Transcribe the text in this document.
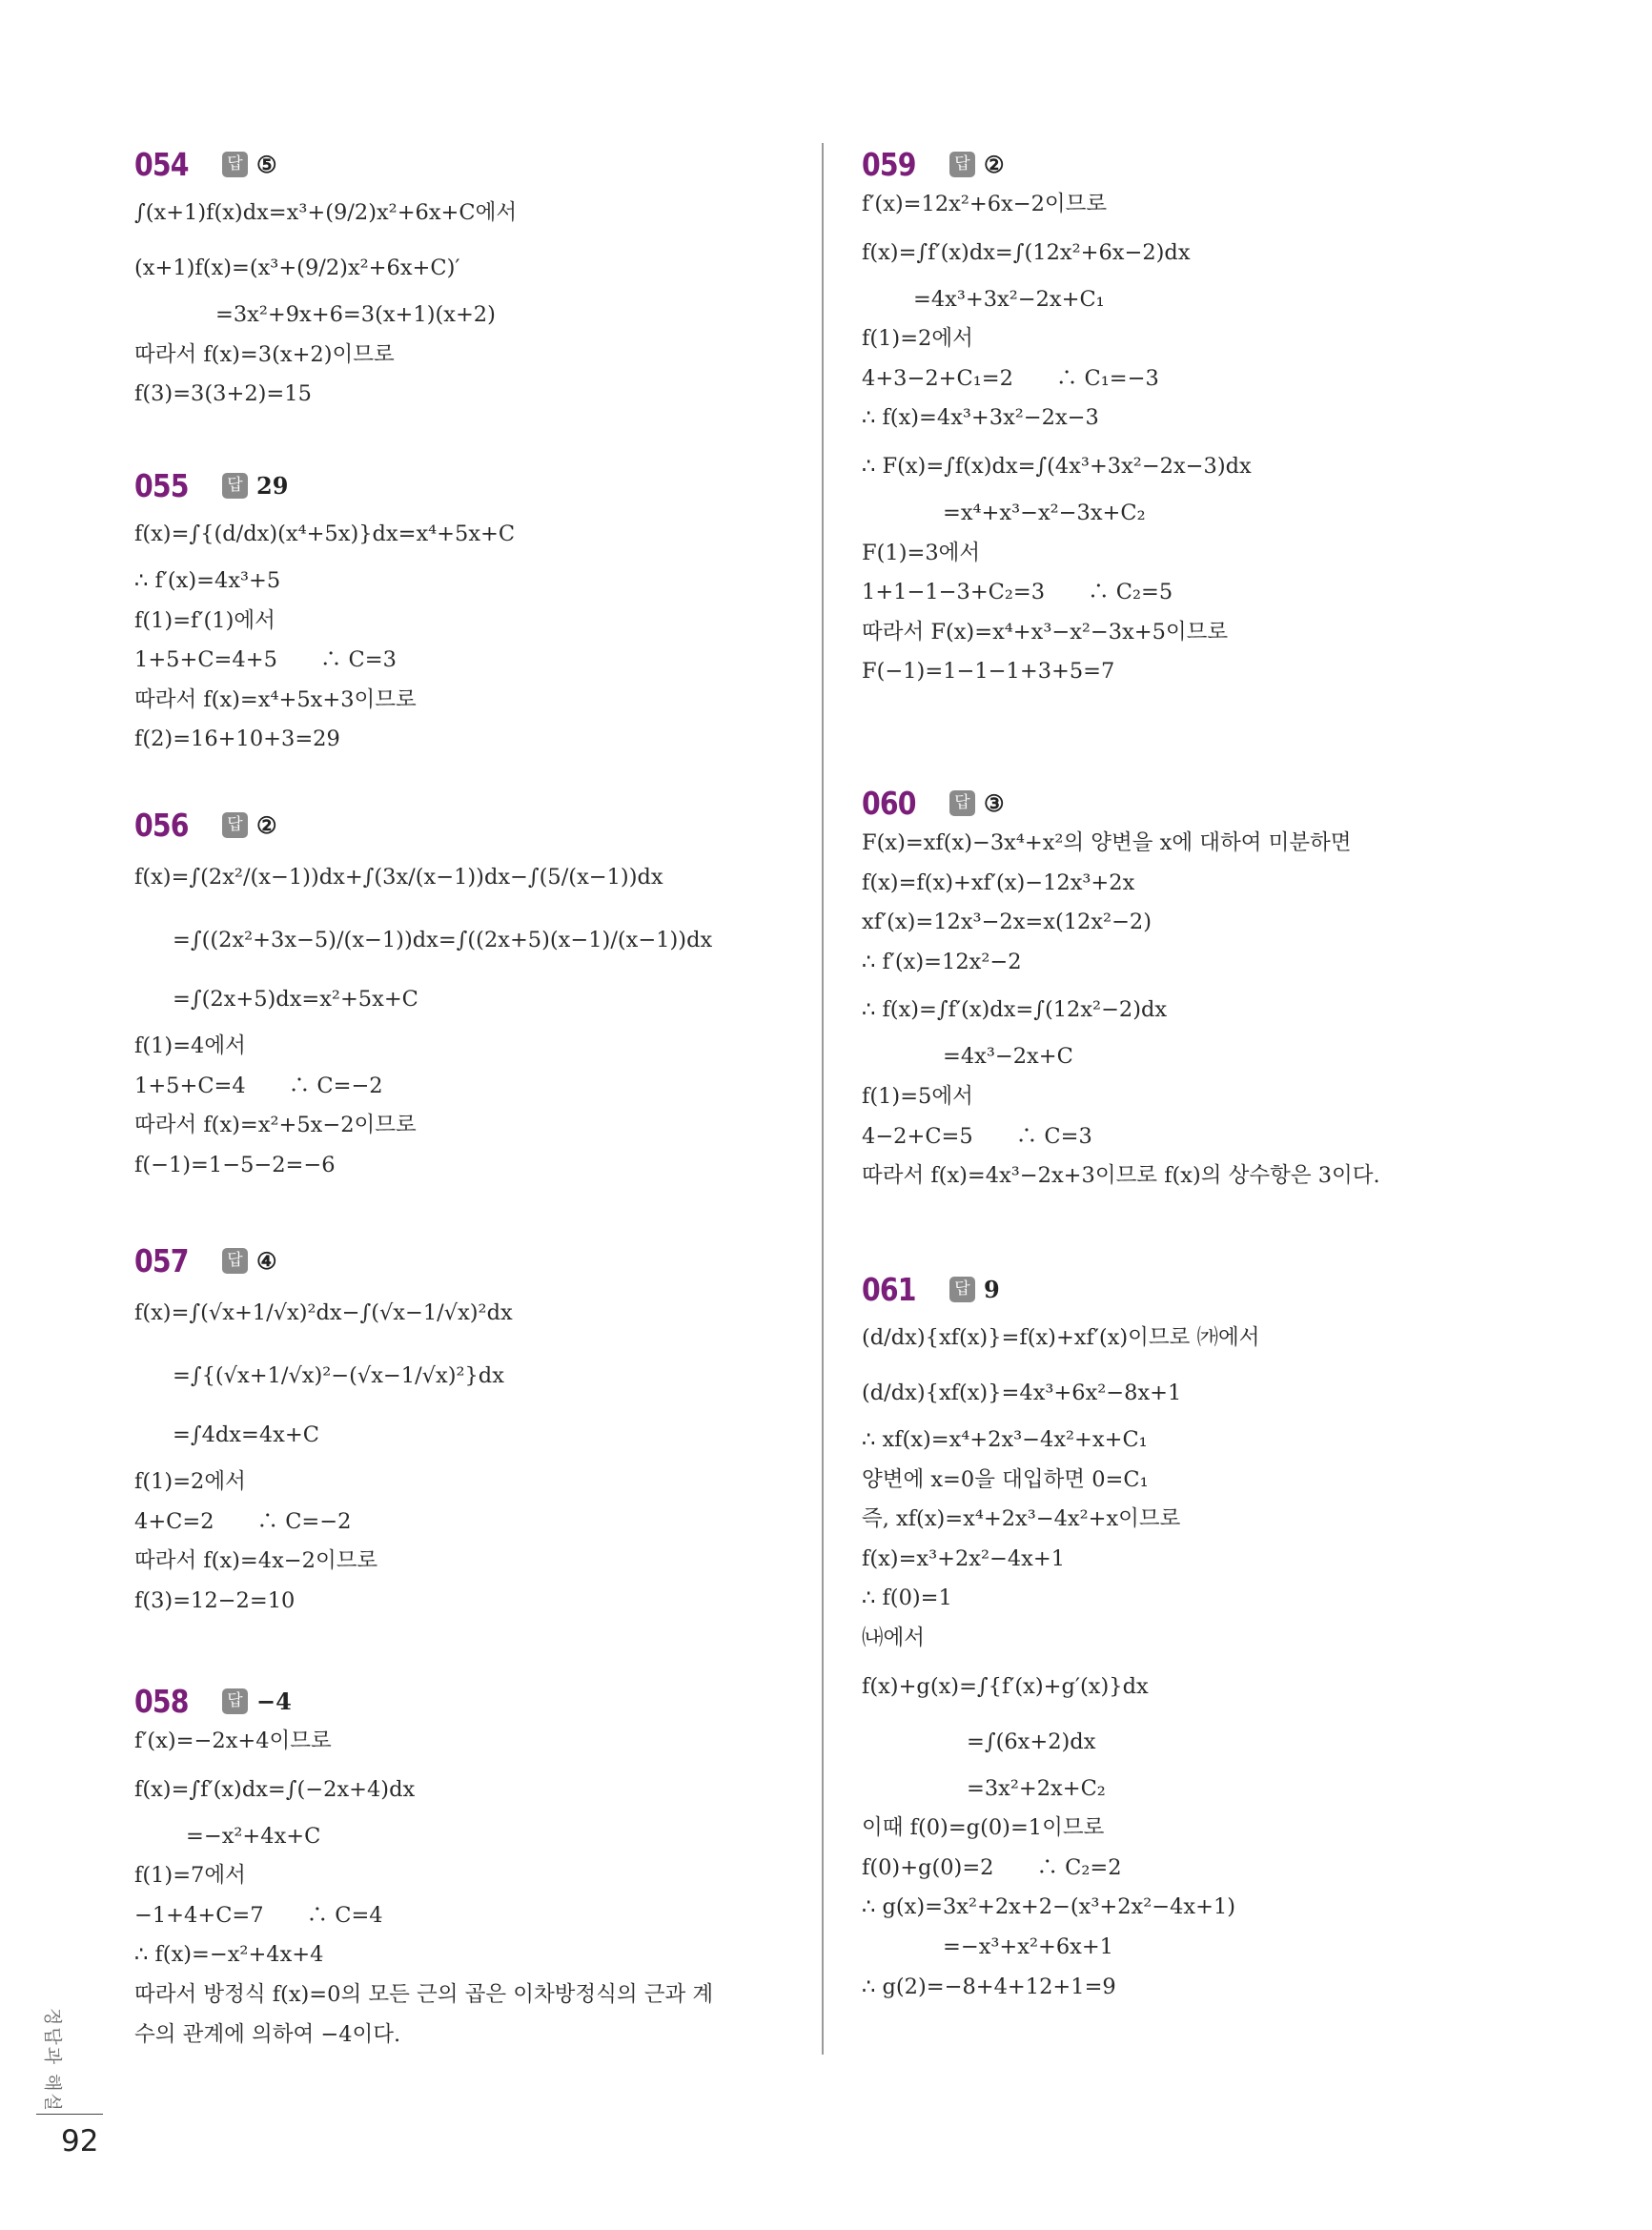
054	답 ⑤
∫(x+1)f(x)dx=x³+(9/2)x²+6x+C에서
(x+1)f(x)=(x³+(9/2)x²+6x+C)′
=3x²+9x+6=3(x+1)(x+2)
따라서 f(x)=3(x+2)이므로
f(3)=3(3+2)=15
055	답 29
f(x)=∫{(d/dx)(x⁴+5x)}dx=x⁴+5x+C
∴ f′(x)=4x³+5
f(1)=f′(1)에서
1+5+C=4+5　　∴ C=3
따라서 f(x)=x⁴+5x+3이므로
f(2)=16+10+3=29
056	답 ②
f(x)=∫(2x²/(x−1))dx+∫(3x/(x−1))dx−∫(5/(x−1))dx
=∫((2x²+3x−5)/(x−1))dx=∫((2x+5)(x−1)/(x−1))dx
=∫(2x+5)dx=x²+5x+C
f(1)=4에서
1+5+C=4　　∴ C=−2
따라서 f(x)=x²+5x−2이므로
f(−1)=1−5−2=−6
057	답 ④
f(x)=∫(√x+1/√x)²dx−∫(√x−1/√x)²dx
=∫{(√x+1/√x)²−(√x−1/√x)²}dx
=∫4dx=4x+C
f(1)=2에서
4+C=2　　∴ C=−2
따라서 f(x)=4x−2이므로
f(3)=12−2=10
058	답 −4
f′(x)=−2x+4이므로
f(x)=∫f′(x)dx=∫(−2x+4)dx
=−x²+4x+C
f(1)=7에서
−1+4+C=7　　∴ C=4
∴ f(x)=−x²+4x+4
따라서 방정식 f(x)=0의 모든 근의 곱은 이차방정식의 근과 계
수의 관계에 의하여 −4이다.
059	답 ②
f′(x)=12x²+6x−2이므로
f(x)=∫f′(x)dx=∫(12x²+6x−2)dx
=4x³+3x²−2x+C₁
f(1)=2에서
4+3−2+C₁=2　　∴ C₁=−3
∴ f(x)=4x³+3x²−2x−3
∴ F(x)=∫f(x)dx=∫(4x³+3x²−2x−3)dx
=x⁴+x³−x²−3x+C₂
F(1)=3에서
1+1−1−3+C₂=3　　∴ C₂=5
따라서 F(x)=x⁴+x³−x²−3x+5이므로
F(−1)=1−1−1+3+5=7
060	답 ③
F(x)=xf(x)−3x⁴+x²의 양변을 x에 대하여 미분하면
f(x)=f(x)+xf′(x)−12x³+2x
xf′(x)=12x³−2x=x(12x²−2)
∴ f′(x)=12x²−2
∴ f(x)=∫f′(x)dx=∫(12x²−2)dx
=4x³−2x+C
f(1)=5에서
4−2+C=5　　∴ C=3
따라서 f(x)=4x³−2x+3이므로 f(x)의 상수항은 3이다.
061	답 9
(d/dx){xf(x)}=f(x)+xf′(x)이므로 ㈎에서
(d/dx){xf(x)}=4x³+6x²−8x+1
∴ xf(x)=x⁴+2x³−4x²+x+C₁
양변에 x=0을 대입하면 0=C₁
즉, xf(x)=x⁴+2x³−4x²+x이므로
f(x)=x³+2x²−4x+1
∴ f(0)=1
㈏에서
f(x)+g(x)=∫{f′(x)+g′(x)}dx
=∫(6x+2)dx
=3x²+2x+C₂
이때 f(0)=g(0)=1이므로
f(0)+g(0)=2　　∴ C₂=2
∴ g(x)=3x²+2x+2−(x³+2x²−4x+1)
=−x³+x²+6x+1
∴ g(2)=−8+4+12+1=9
정답과 해설
92
